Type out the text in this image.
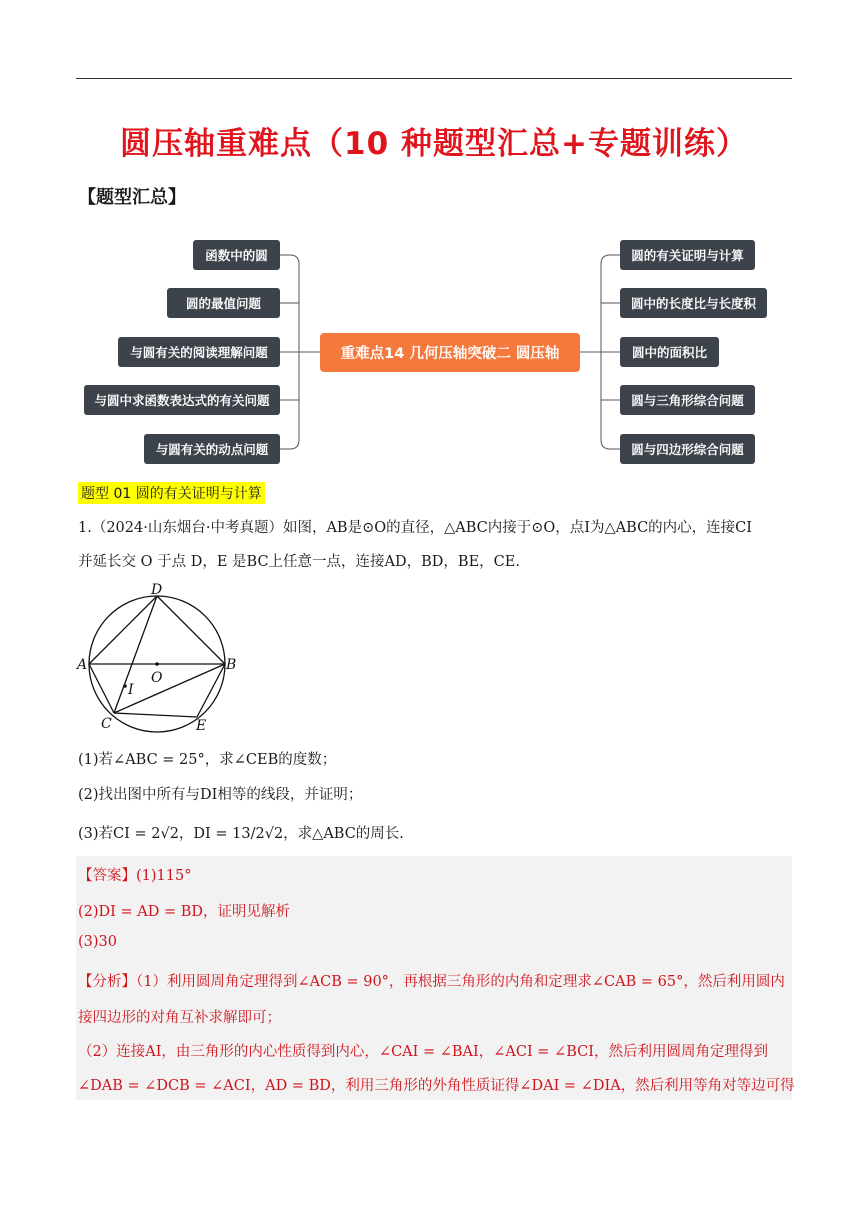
圆压轴重难点（10 种题型汇总+专题训练）
【题型汇总】
函数中的圆
圆的最值问题
与圆有关的阅读理解问题
与圆中求函数表达式的有关问题
与圆有关的动点问题
重难点14 几何压轴突破二 圆压轴
圆的有关证明与计算
圆中的长度比与长度积
圆中的面积比
圆与三角形综合问题
圆与四边形综合问题
题型 01 圆的有关证明与计算
1.（2024·山东烟台·中考真题）如图，AB是⊙O的直径，△ABC内接于⊙O，点I为△ABC的内心，连接CI
并延长交 O 于点 D，E 是BC上任意一点，连接AD，BD，BE，CE.
D
A	B
O
I
C	E
(1)若∠ABC = 25°，求∠CEB的度数；
(2)找出图中所有与DI相等的线段，并证明；
(3)若CI = 2√2，DI = 13/2√2，求△ABC的周长.
【答案】(1)115°
(2)DI = AD = BD，证明见解析
(3)30
【分析】（1）利用圆周角定理得到∠ACB = 90°，再根据三角形的内角和定理求∠CAB = 65°，然后利用圆内
接四边形的对角互补求解即可；
（2）连接AI，由三角形的内心性质得到内心，∠CAI = ∠BAI，∠ACI = ∠BCI，然后利用圆周角定理得到
∠DAB = ∠DCB = ∠ACI，AD = BD，利用三角形的外角性质证得∠DAI = ∠DIA，然后利用等角对等边可得
